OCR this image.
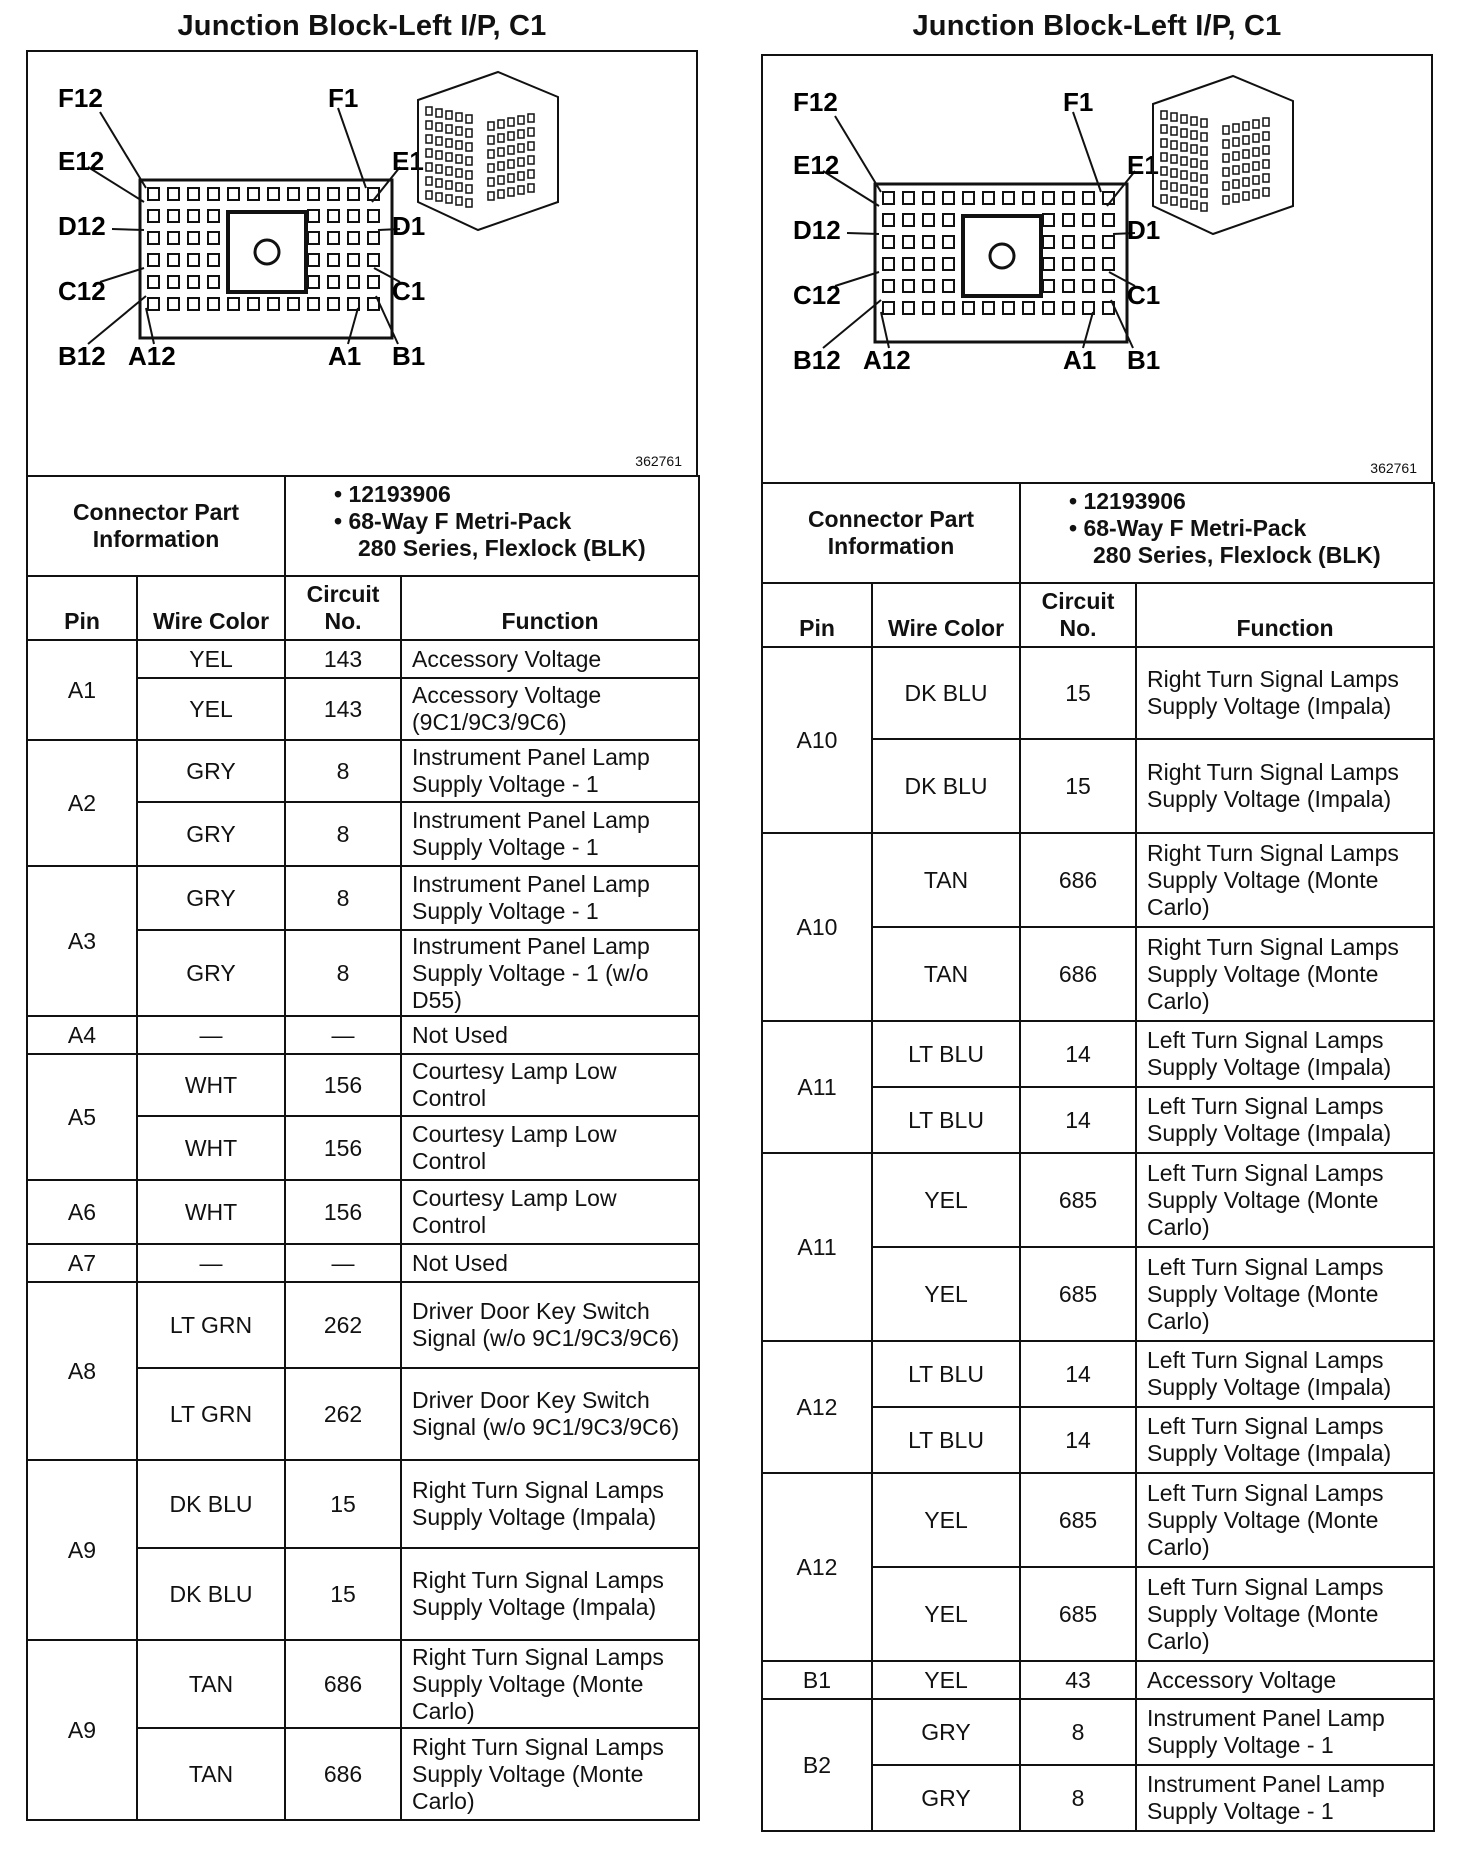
Junction Block-Left I/P, C1
F12	F1
E12	E1
D12	D1
C12	C1
B12 A12	A1 B1
362761
Connector Part Information		• 12193906
• 68-Way F Metri-Pack
280 Series, Flexlock (BLK)	

Pin	Wire Color	Circuit No.	Function
A1	YEL	143	Accessory Voltage
	YEL	143	Accessory Voltage (9C1/9C3/9C6)
A2	GRY	8	Instrument Panel Lamp Supply Voltage - 1
	GRY	8	Instrument Panel Lamp Supply Voltage - 1
A3	GRY	8	Instrument Panel Lamp Supply Voltage - 1
	GRY	8	Instrument Panel Lamp Supply Voltage - 1 (w/o D55)
A4	—	—	Not Used
A5	WHT	156	Courtesy Lamp Low Control
	WHT	156	Courtesy Lamp Low Control
A6	WHT	156	Courtesy Lamp Low Control
A7	—	—	Not Used
A8	LT GRN	262	Driver Door Key Switch Signal (w/o 9C1/9C3/9C6)
	LT GRN	262	Driver Door Key Switch Signal (w/o 9C1/9C3/9C6)
A9	DK BLU	15	Right Turn Signal Lamps Supply Voltage (Impala)
	DK BLU	15	Right Turn Signal Lamps Supply Voltage (Impala)
A9	TAN	686	Right Turn Signal Lamps Supply Voltage (Monte Carlo)
	TAN	686	Right Turn Signal Lamps Supply Voltage (Monte Carlo)
Junction Block-Left I/P, C1
F12	F1
E12	E1
D12	D1
C12	C1
B12 A12	A1 B1
362761
Connector Part Information		• 12193906
• 68-Way F Metri-Pack
280 Series, Flexlock (BLK)	

Pin	Wire Color	Circuit No.	Function
A10	DK BLU	15	Right Turn Signal Lamps Supply Voltage (Impala)
	DK BLU	15	Right Turn Signal Lamps Supply Voltage (Impala)
A10	TAN	686	Right Turn Signal Lamps Supply Voltage (Monte Carlo)
	TAN	686	Right Turn Signal Lamps Supply Voltage (Monte Carlo)
A11	LT BLU	14	Left Turn Signal Lamps Supply Voltage (Impala)
	LT BLU	14	Left Turn Signal Lamps Supply Voltage (Impala)
A11	YEL	685	Left Turn Signal Lamps Supply Voltage (Monte Carlo)
	YEL	685	Left Turn Signal Lamps Supply Voltage (Monte Carlo)
A12	LT BLU	14	Left Turn Signal Lamps Supply Voltage (Impala)
	LT BLU	14	Left Turn Signal Lamps Supply Voltage (Impala)
A12	YEL	685	Left Turn Signal Lamps Supply Voltage (Monte Carlo)
	YEL	685	Left Turn Signal Lamps Supply Voltage (Monte Carlo)
B1	YEL	43	Accessory Voltage
B2	GRY	8	Instrument Panel Lamp Supply Voltage - 1
	GRY	8	Instrument Panel Lamp Supply Voltage - 1
